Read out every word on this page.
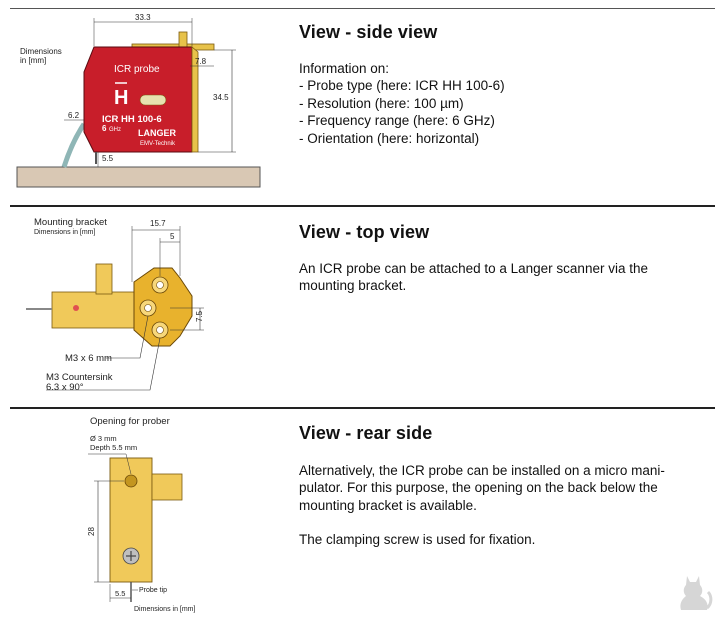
Dimensions
in [mm]
33.3
7.8
34.5
6.2
5.5
ICR probe
H
ICR HH 100-6
6 GHz LANGER
EMV-Technik
View - side view

Information on:

- Probe type (here: ICR HH 100-6)

- Resolution (here: 100 µm)

- Frequency range (here: 6 GHz)

- Orientation (here: horizontal)

Mounting bracket
Dimensions in [mm]
15.7
5
7.5
M3 x 6 mm
M3 Countersink
6.3 x 90°
View - top view

An ICR probe can be attached to a Langer scanner via the

mounting bracket.

Opening for prober
Ø 3 mm
Depth 5.5 mm
28
5.5 Probe tip
Dimensions in [mm]
View - rear side

Alternatively, the ICR probe can be installed on a micro mani-

pulator. For this purpose, the opening on the back below the

mounting bracket is available.

The clamping screw is used for fixation.
